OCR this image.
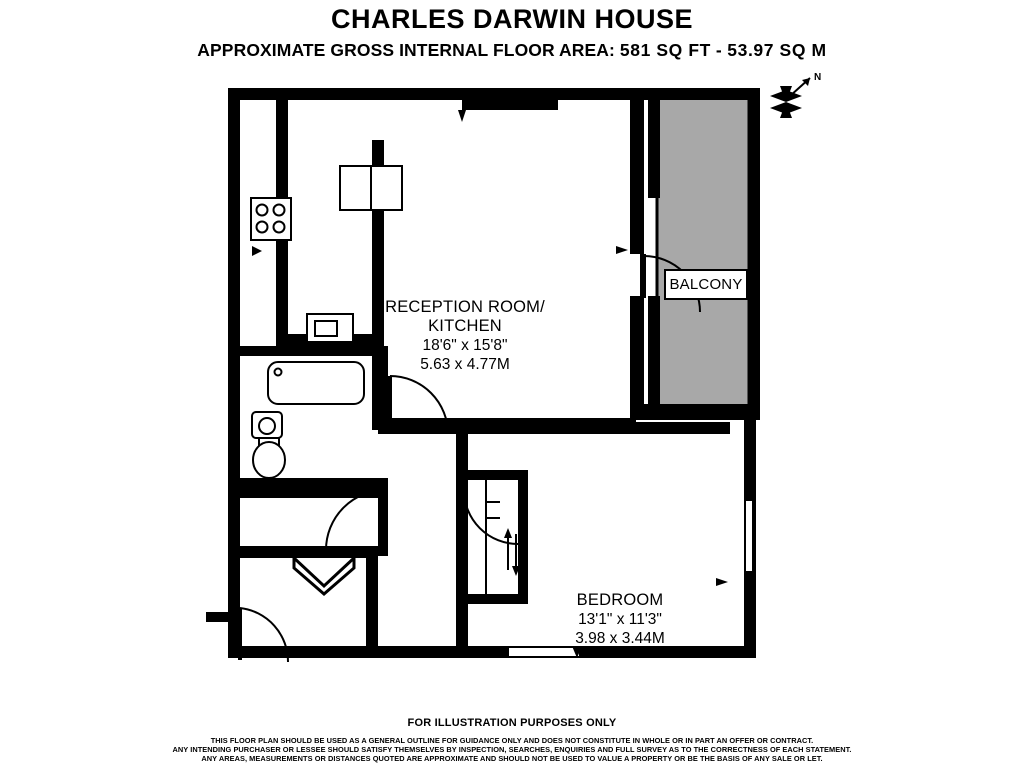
CHARLES DARWIN HOUSE
APPROXIMATE GROSS INTERNAL FLOOR AREA: 581 SQ FT - 53.97 SQ M
N
BALCONY
RECEPTION ROOM/
KITCHEN
18'6" x 15'8"
5.63 x 4.77M
BEDROOM
13'1" x 11'3"
3.98 x 3.44M
FOR ILLUSTRATION PURPOSES ONLY
THIS FLOOR PLAN SHOULD BE USED AS A GENERAL OUTLINE FOR GUIDANCE ONLY AND DOES NOT CONSTITUTE IN WHOLE OR IN PART AN OFFER OR CONTRACT.
ANY INTENDING PURCHASER OR LESSEE SHOULD SATISFY THEMSELVES BY INSPECTION, SEARCHES, ENQUIRIES AND FULL SURVEY AS TO THE CORRECTNESS OF EACH STATEMENT.
ANY AREAS, MEASUREMENTS OR DISTANCES QUOTED ARE APPROXIMATE AND SHOULD NOT BE USED TO VALUE A PROPERTY OR BE THE BASIS OF ANY SALE OR LET.
